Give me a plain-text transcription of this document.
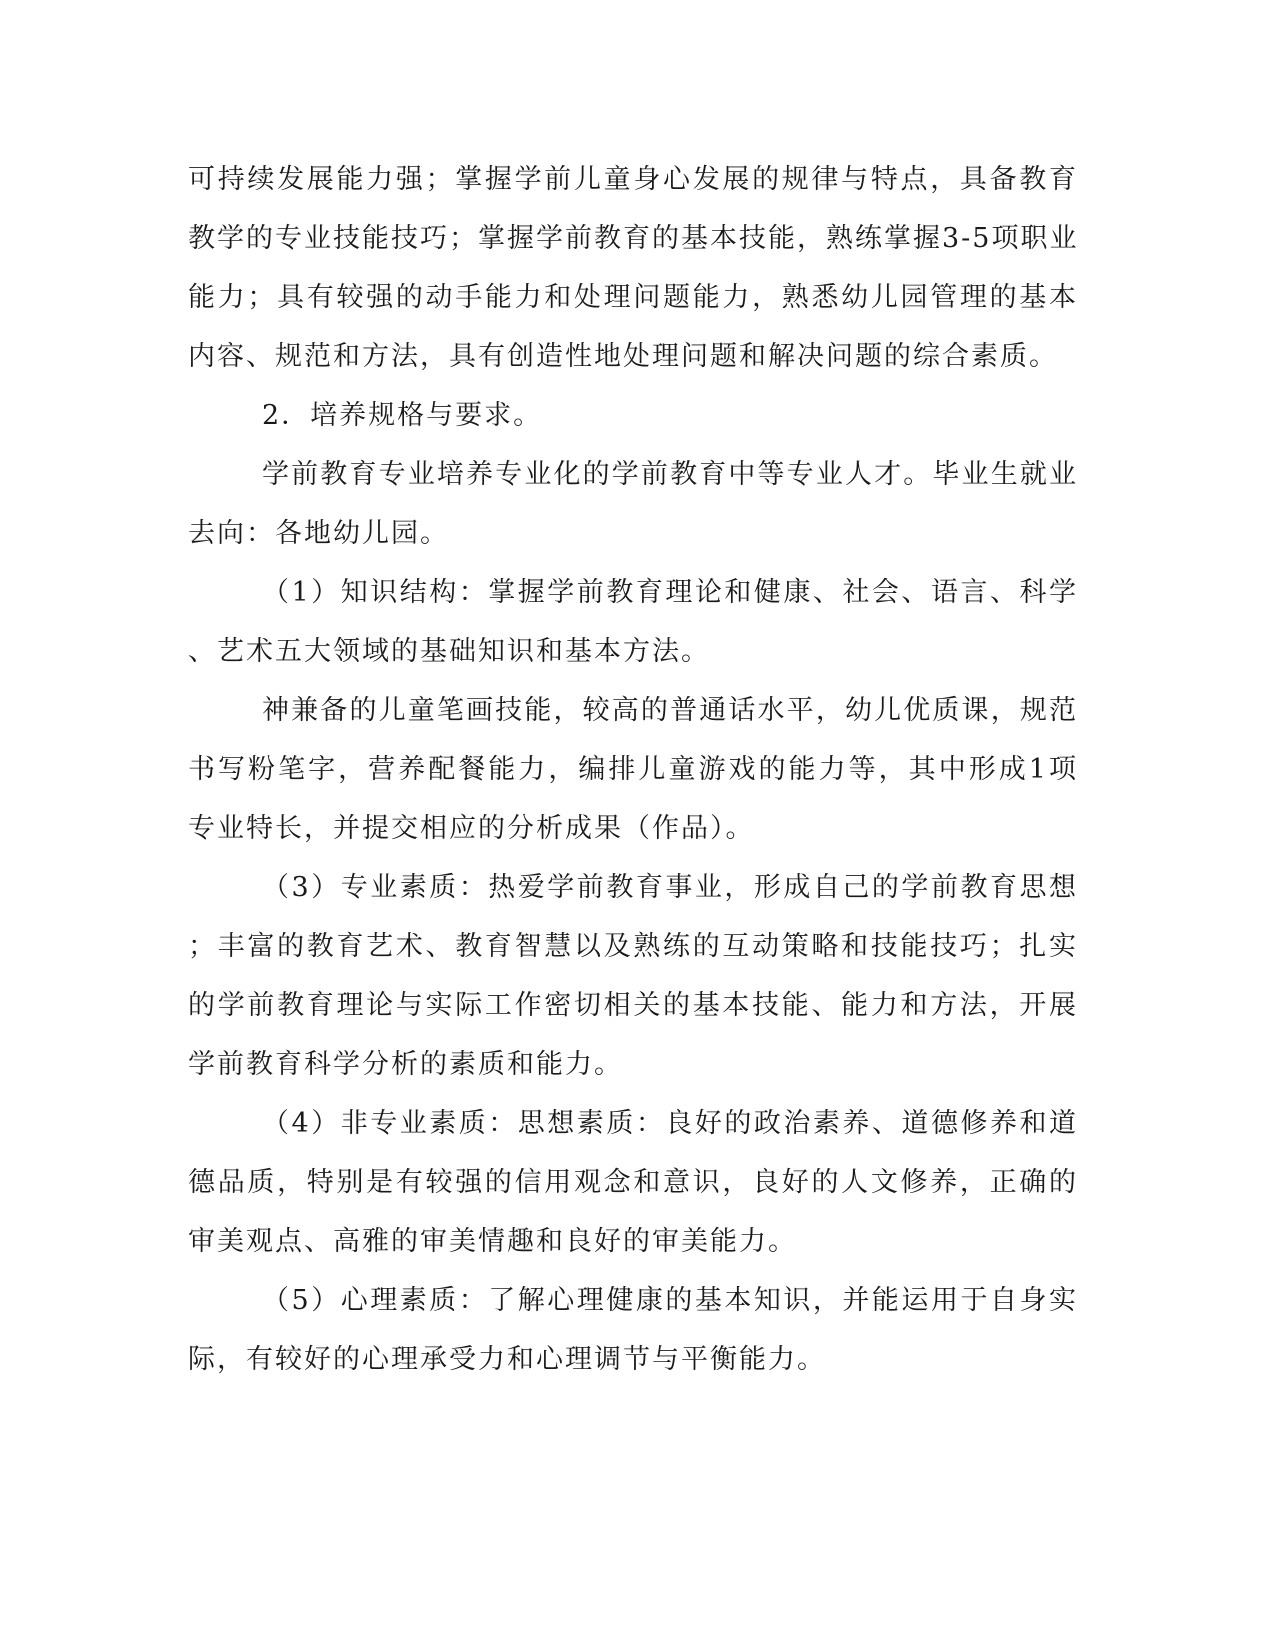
可持续发展能力强；掌握学前儿童身心发展的规律与特点，具备教育
教学的专业技能技巧；掌握学前教育的基本技能，熟练掌握3-5项职业
能力；具有较强的动手能力和处理问题能力，熟悉幼儿园管理的基本
内容、规范和方法，具有创造性地处理问题和解决问题的综合素质。
2．培养规格与要求。
学前教育专业培养专业化的学前教育中等专业人才。毕业生就业
去向：各地幼儿园。
（1）知识结构：掌握学前教育理论和健康、社会、语言、科学
、艺术五大领域的基础知识和基本方法。
神兼备的儿童笔画技能，较高的普通话水平，幼儿优质课，规范
书写粉笔字，营养配餐能力，编排儿童游戏的能力等，其中形成1项
专业特长，并提交相应的分析成果（作品）。
（3）专业素质：热爱学前教育事业，形成自己的学前教育思想
；丰富的教育艺术、教育智慧以及熟练的互动策略和技能技巧；扎实
的学前教育理论与实际工作密切相关的基本技能、能力和方法，开展
学前教育科学分析的素质和能力。
（4）非专业素质：思想素质：良好的政治素养、道德修养和道
德品质，特别是有较强的信用观念和意识，良好的人文修养，正确的
审美观点、高雅的审美情趣和良好的审美能力。
（5）心理素质：了解心理健康的基本知识，并能运用于自身实
际，有较好的心理承受力和心理调节与平衡能力。
